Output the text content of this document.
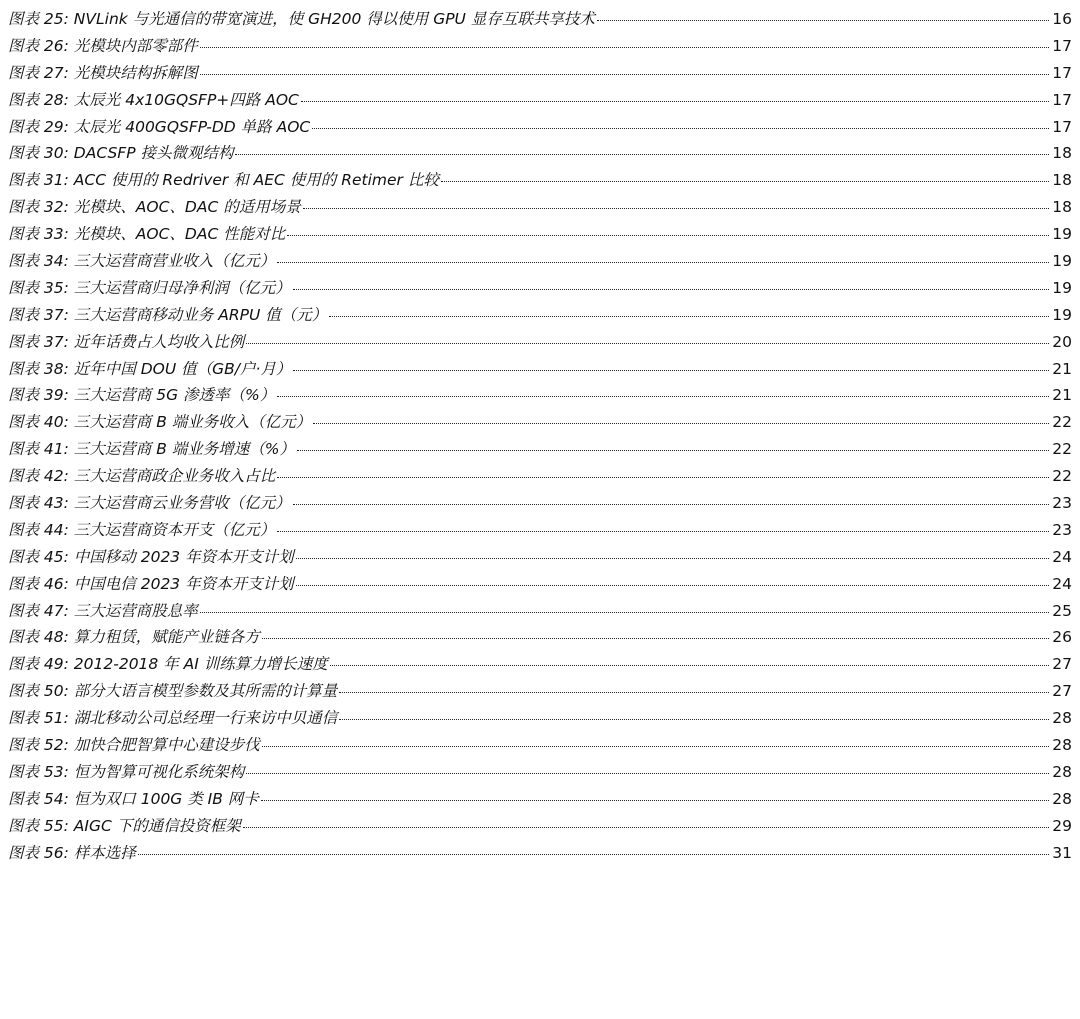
图表 25: NVLink 与光通信的带宽演进，使 GH200 得以使用 GPU 显存互联共享技术	16
图表 26: 光模块内部零部件	17
图表 27: 光模块结构拆解图	17
图表 28: 太辰光 4x10GQSFP+四路 AOC	17
图表 29: 太辰光 400GQSFP-DD 单路 AOC	17
图表 30: DACSFP 接头微观结构	18
图表 31: ACC 使用的 Redriver 和 AEC 使用的 Retimer 比较	18
图表 32: 光模块、AOC、DAC 的适用场景	18
图表 33: 光模块、AOC、DAC 性能对比	19
图表 34: 三大运营商营业收入（亿元）	19
图表 35: 三大运营商归母净利润（亿元）	19
图表 37: 三大运营商移动业务 ARPU 值（元）	19
图表 37: 近年话费占人均收入比例	20
图表 38: 近年中国 DOU 值（GB/户·月）	21
图表 39: 三大运营商 5G 渗透率（%）	21
图表 40: 三大运营商 B 端业务收入（亿元）	22
图表 41: 三大运营商 B 端业务增速（%）	22
图表 42: 三大运营商政企业务收入占比	22
图表 43: 三大运营商云业务营收（亿元）	23
图表 44: 三大运营商资本开支（亿元）	23
图表 45: 中国移动 2023 年资本开支计划	24
图表 46: 中国电信 2023 年资本开支计划	24
图表 47: 三大运营商股息率	25
图表 48: 算力租赁，赋能产业链各方	26
图表 49: 2012-2018 年 AI 训练算力增长速度	27
图表 50: 部分大语言模型参数及其所需的计算量	27
图表 51: 湖北移动公司总经理一行来访中贝通信	28
图表 52: 加快合肥智算中心建设步伐	28
图表 53: 恒为智算可视化系统架构	28
图表 54: 恒为双口 100G 类 IB 网卡	28
图表 55: AIGC 下的通信投资框架	29
图表 56: 样本选择	31
